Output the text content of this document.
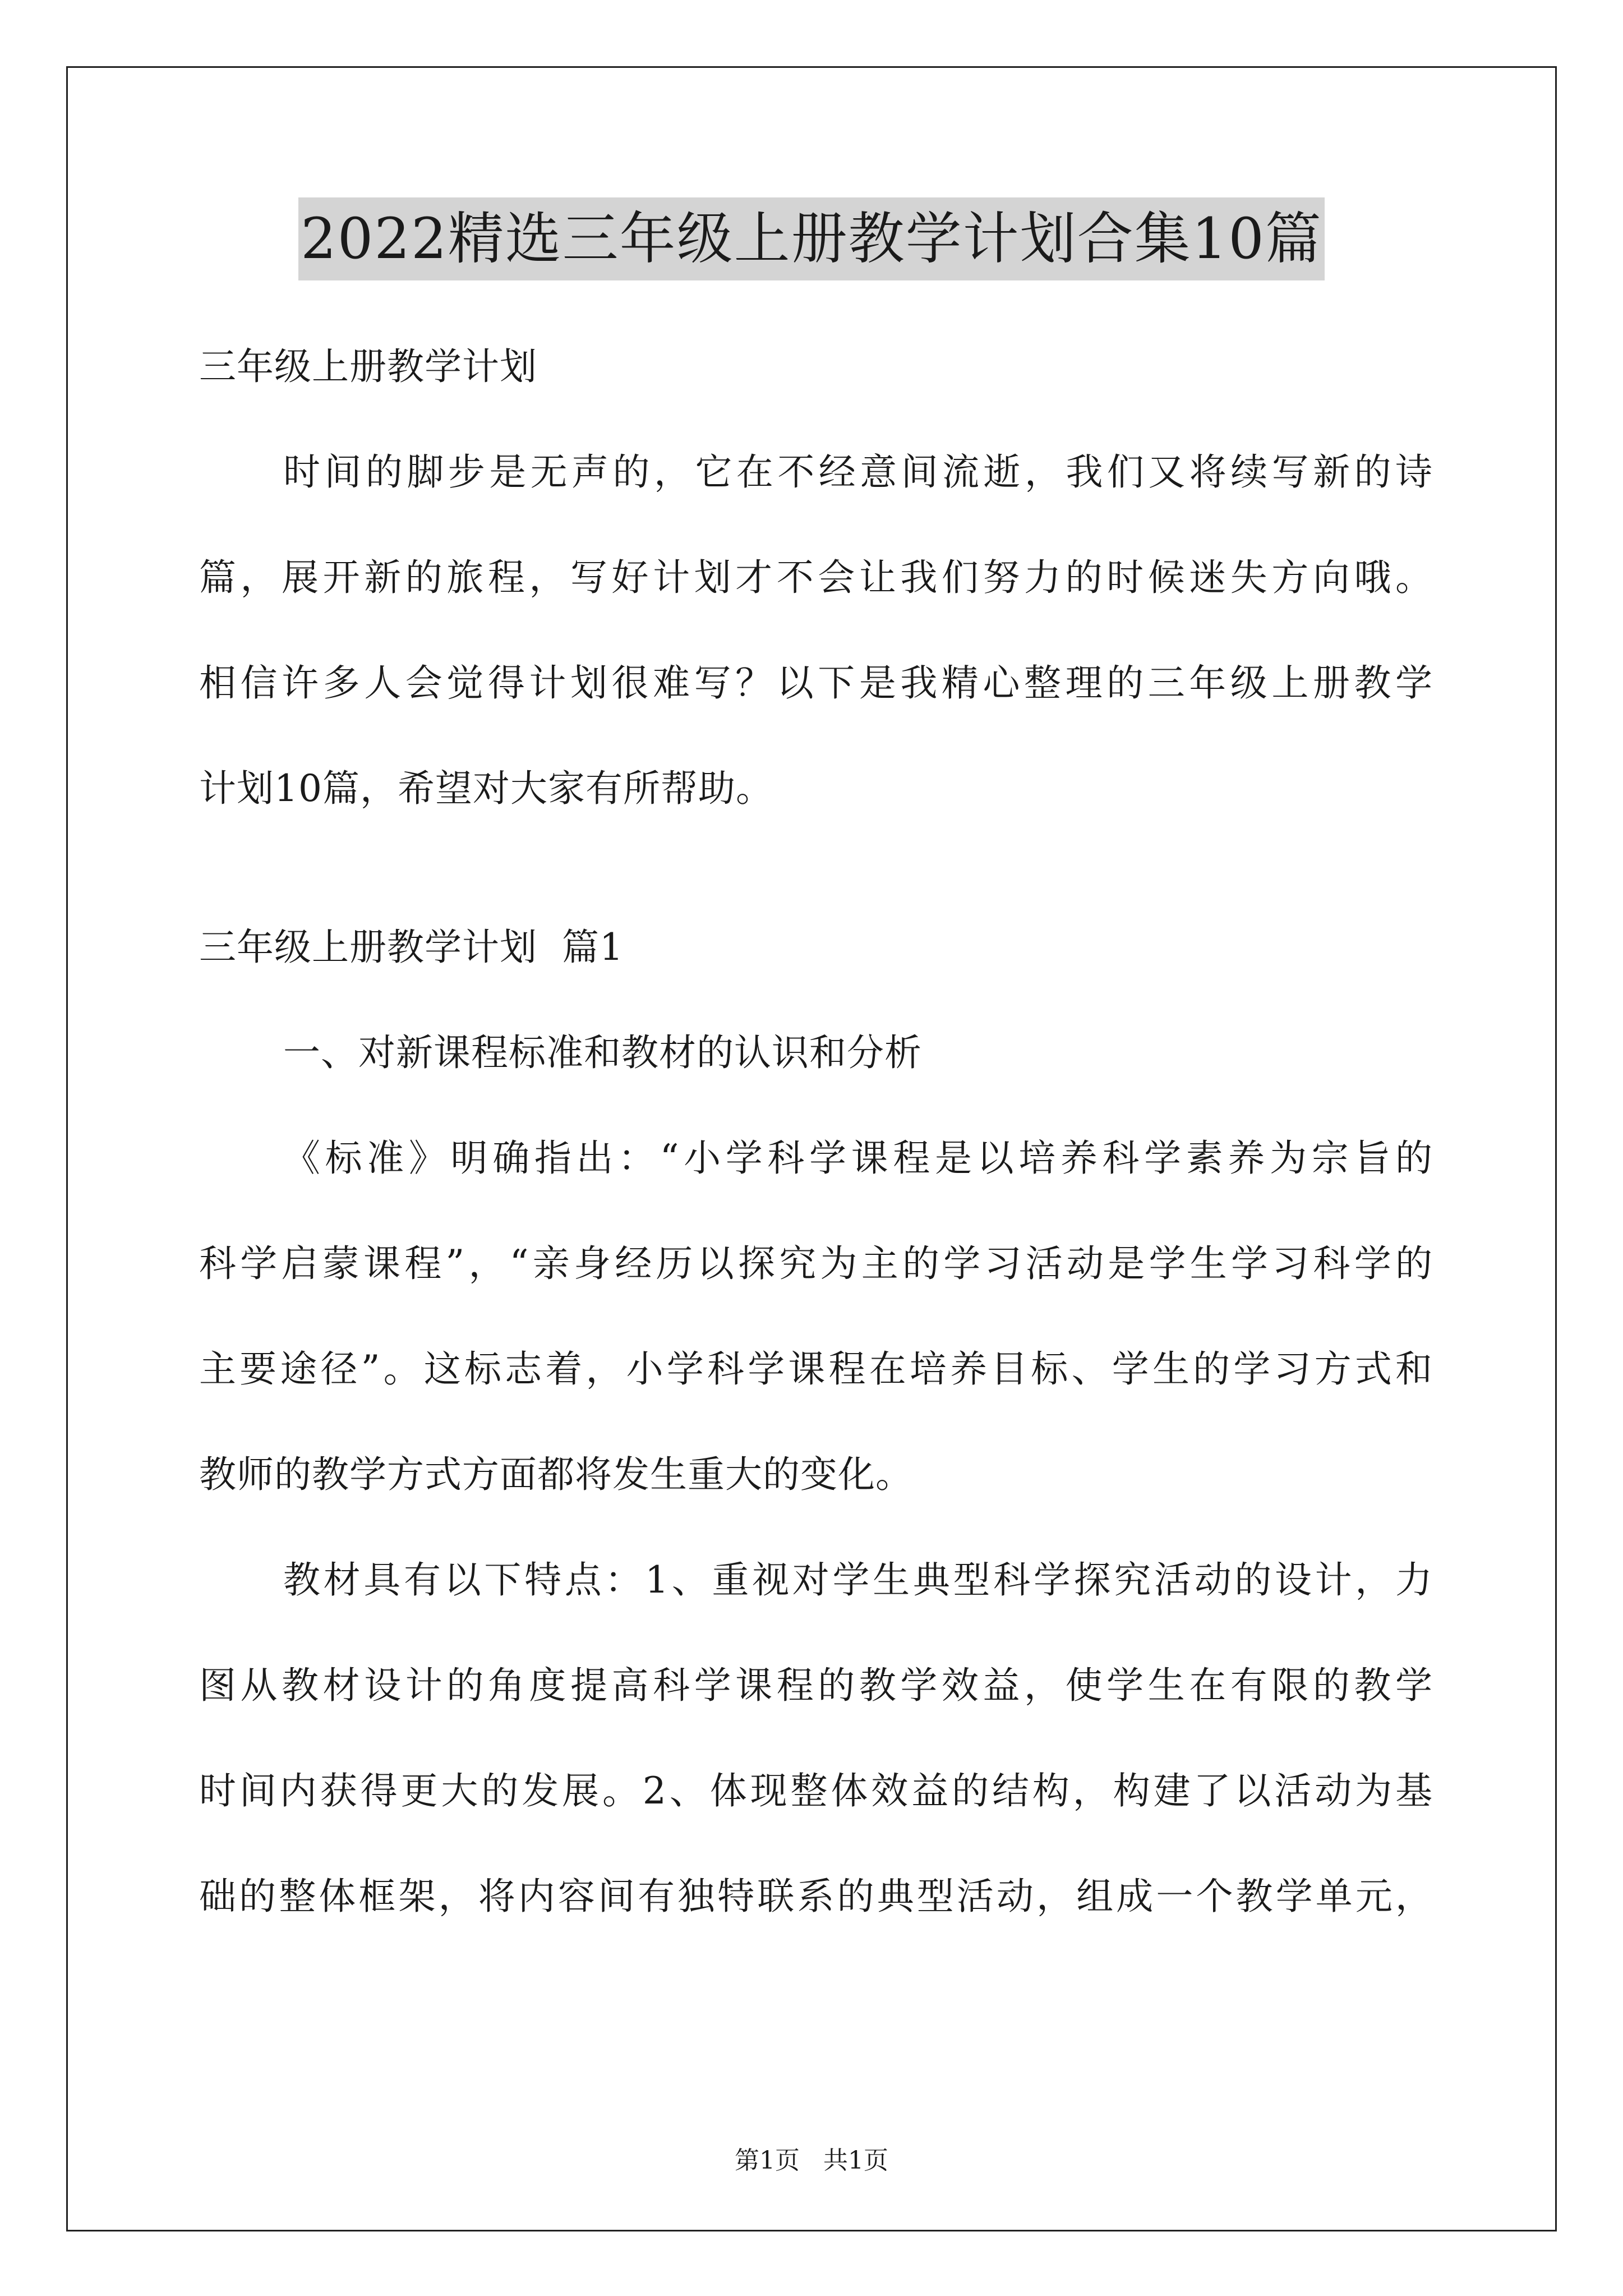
2022精选三年级上册教学计划合集10篇
三年级上册教学计划
时间的脚步是无声的，它在不经意间流逝，我们又将续写新的诗
篇，展开新的旅程，写好计划才不会让我们努力的时候迷失方向哦。
相信许多人会觉得计划很难写？以下是我精心整理的三年级上册教学
计划10篇，希望对大家有所帮助。
三年级上册教学计划  篇1
一、对新课程标准和教材的认识和分析
《标准》明确指出：“小学科学课程是以培养科学素养为宗旨的
科学启蒙课程”，“亲身经历以探究为主的学习活动是学生学习科学的
主要途径”。这标志着，小学科学课程在培养目标、学生的学习方式和
教师的教学方式方面都将发生重大的变化。
教材具有以下特点：1、重视对学生典型科学探究活动的设计，力
图从教材设计的角度提高科学课程的教学效益，使学生在有限的教学
时间内获得更大的发展。2、体现整体效益的结构，构建了以活动为基
础的整体框架，将内容间有独特联系的典型活动，组成一个教学单元，
第1页   共1页
